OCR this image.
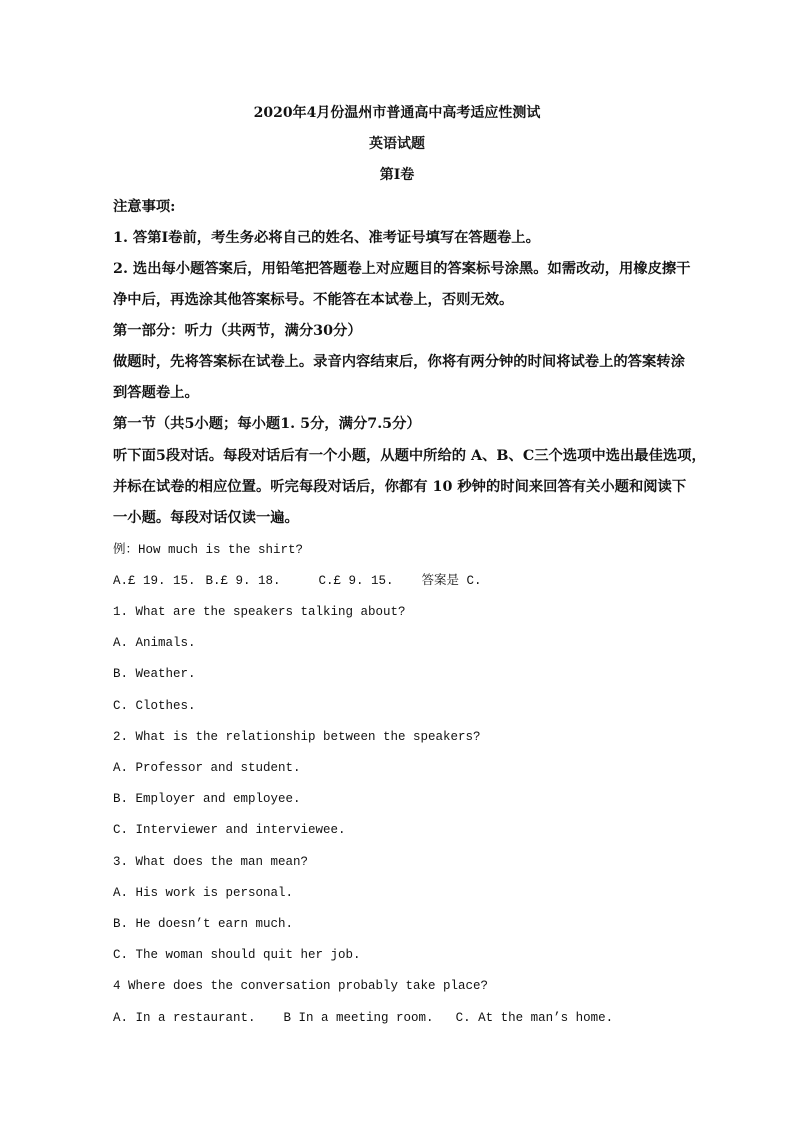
2020年4月份温州市普通高中高考适应性测试
英语试题
第I卷
注意事项:
1. 答第I卷前，考生务必将自己的姓名、准考证号填写在答题卷上。
2. 选出每小题答案后，用铅笔把答题卷上对应题目的答案标号涂黑。如需改动，用橡皮擦干
净中后，再选涂其他答案标号。不能答在本试卷上，否则无效。
第一部分：听力（共两节，满分30分）
做题时，先将答案标在试卷上。录音内容结束后，你将有两分钟的时间将试卷上的答案转涂
到答题卷上。
第一节（共5小题；每小题1. 5分，满分7.5分）
听下面5段对话。每段对话后有一个小题，从题中所给的 A、B、C三个选项中选出最佳选项，
并标在试卷的相应位置。听完每段对话后，你都有 10 秒钟的时间来回答有关小题和阅读下
一小题。每段对话仅读一遍。
例：How much is the shirt?
A.£ 19. 15. B.£ 9. 18.	C.£ 9. 15. 答案是 C.
1. What are the speakers talking about?
A. Animals.
B. Weather.
C. Clothes.
2. What is the relationship between the speakers?
A. Professor and student.
B. Employer and employee.
C. Interviewer and interviewee.
3. What does the man mean?
A. His work is personal.
B. He doesn’t earn much.
C. The woman should quit her job.
4 Where does the conversation probably take place?
A. In a restaurant. B In a meeting room. C. At the man’s home.
